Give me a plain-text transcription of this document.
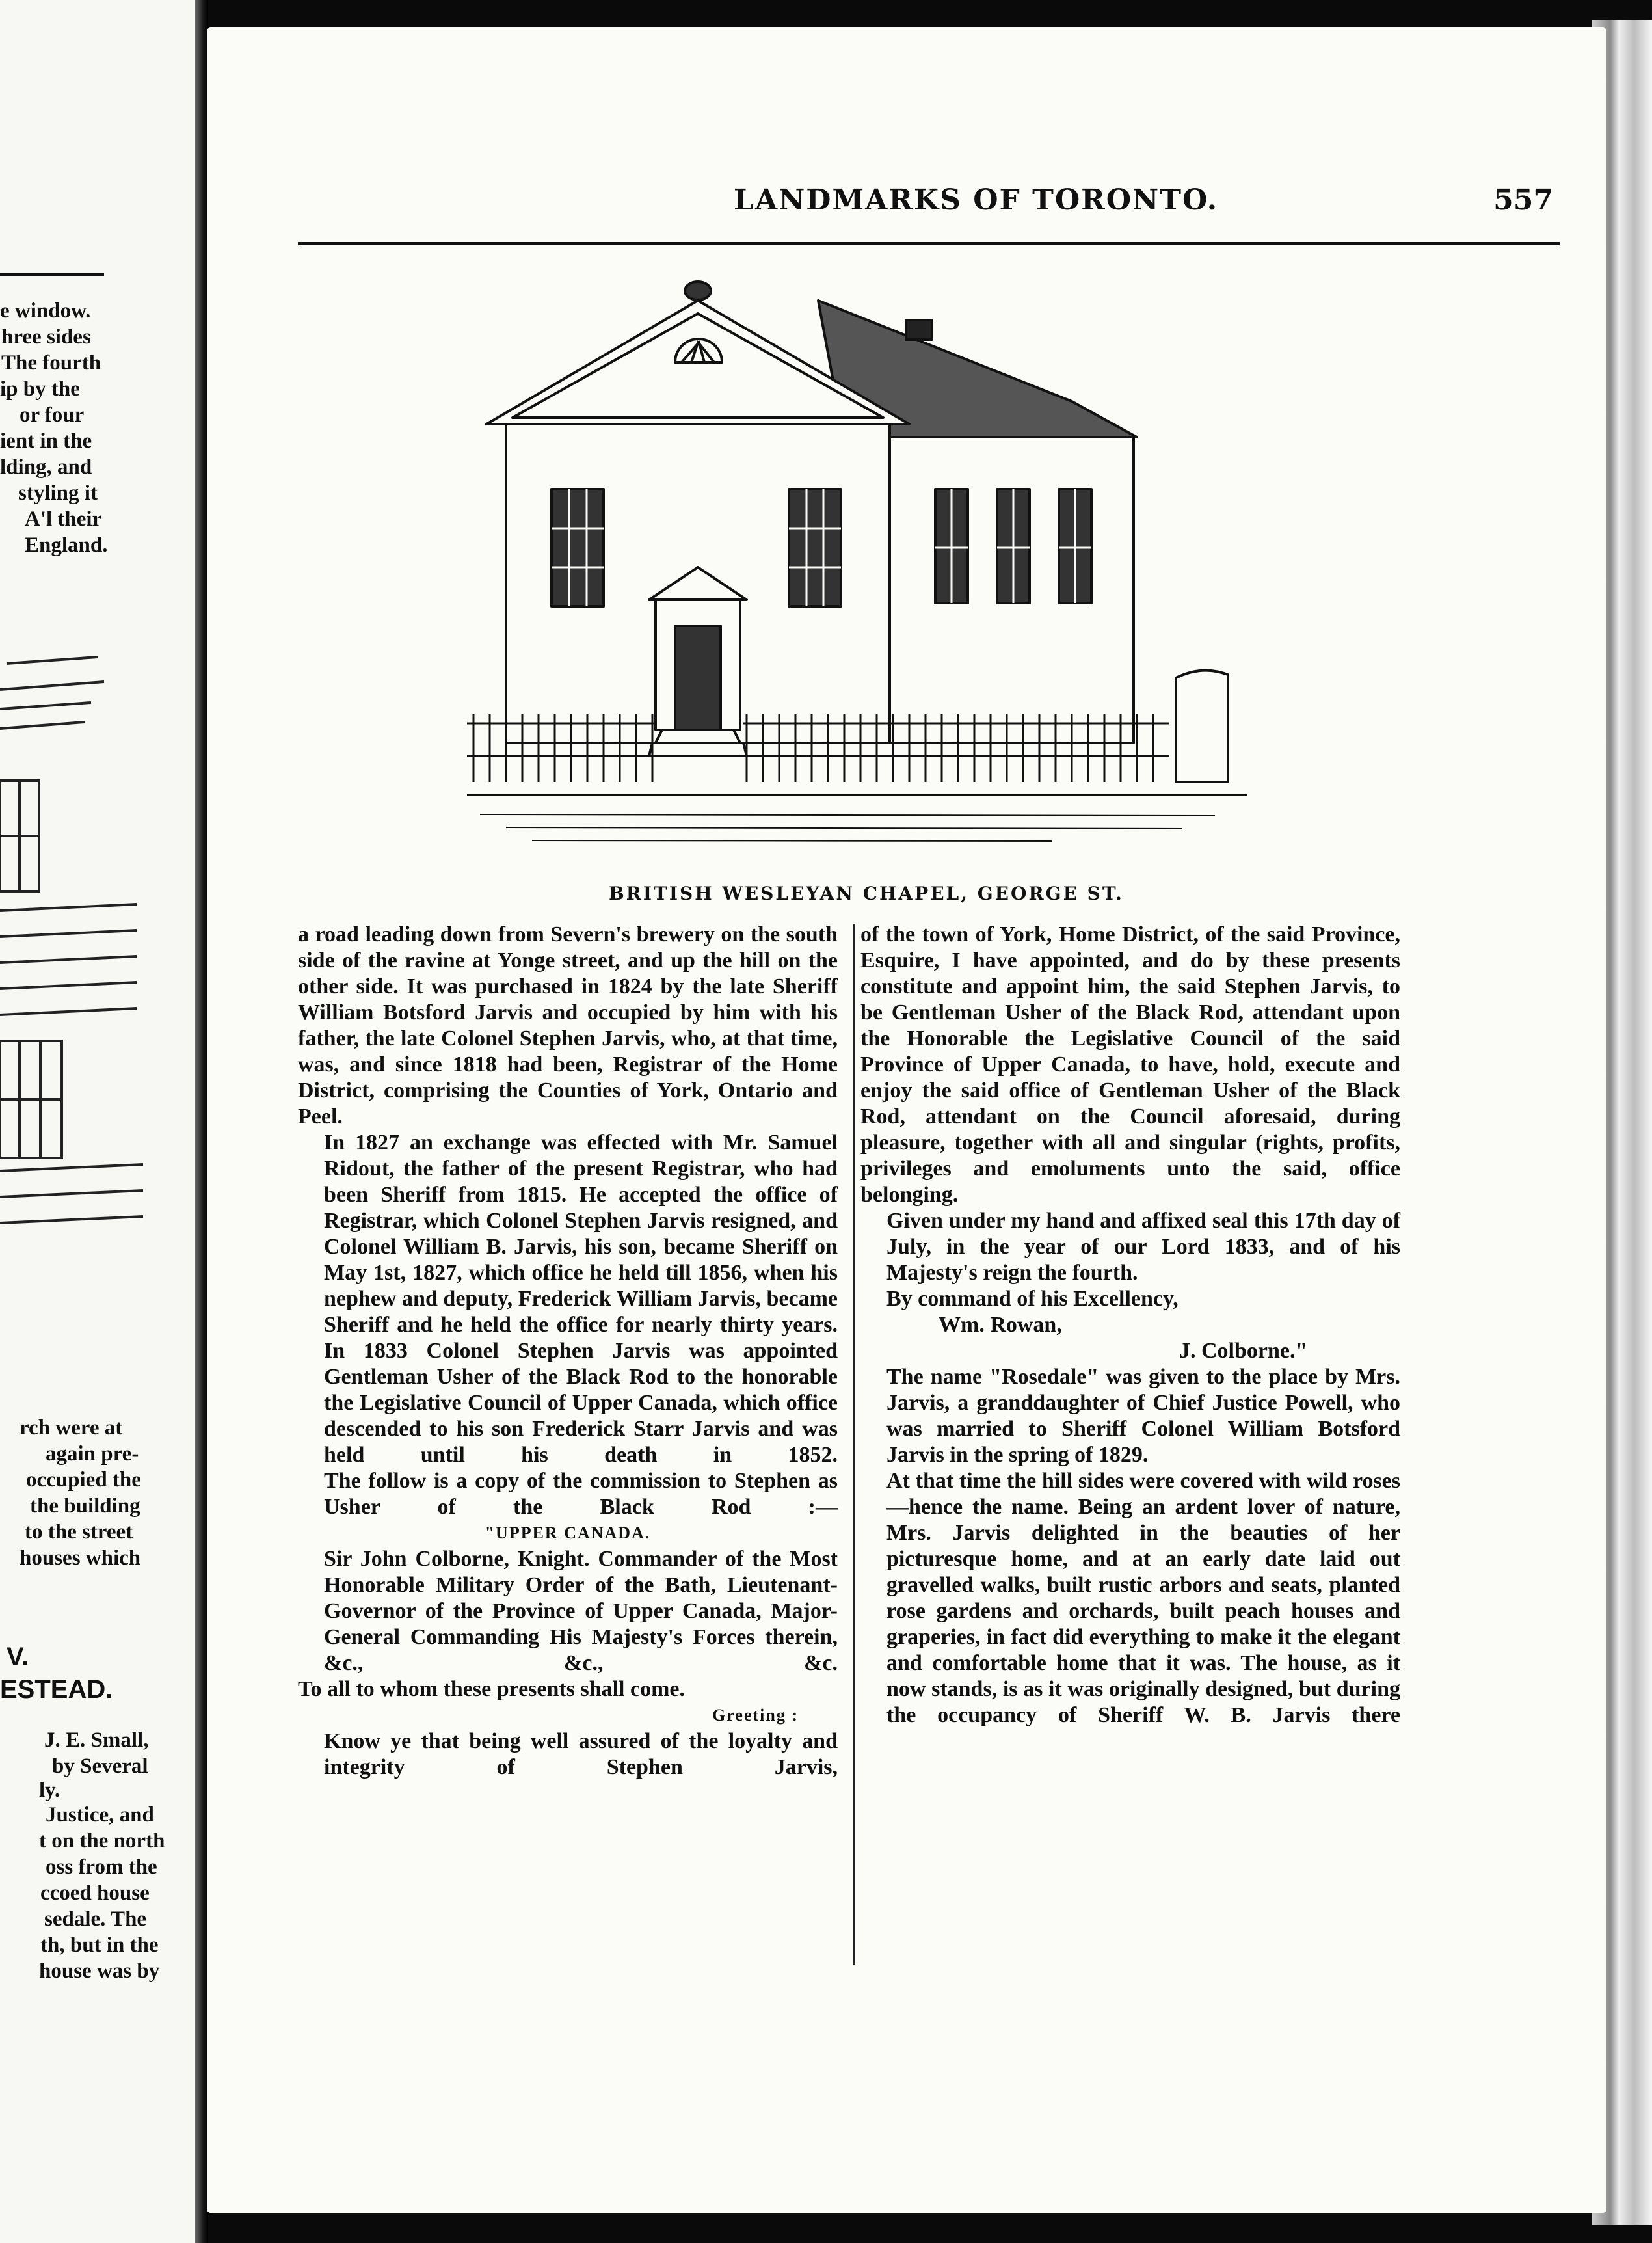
e window.
hree sides
The fourth
ip by the
or four
ient in the
lding, and
styling it
A'l their
England.
rch were at
again pre-
occupied the
the building
to the street
houses which
V.
ESTEAD.
J. E. Small,
by Several
ly.
Justice, and
t on the north
oss from the
ccoed house
sedale. The
th, but in the
house was by
LANDMARKS OF TORONTO.	557
BRITISH WESLEYAN CHAPEL, GEORGE ST.

a road leading down from Severn's brewery on the south side of the ravine at Yonge street, and up the hill on the other side. It was purchased in 1824 by the late Sheriff William Botsford Jarvis and occupied by him with his father, the late Colonel Stephen Jarvis, who, at that time, was, and since 1818 had been, Registrar of the Home District, comprising the Counties of York, Ontario and Peel.

In 1827 an exchange was effected with Mr. Samuel Ridout, the father of the present Registrar, who had been Sheriff from 1815. He accepted the office of Registrar, which Colonel Stephen Jarvis resigned, and Colonel William B. Jarvis, his son, became Sheriff on May 1st, 1827, which office he held till 1856, when his nephew and deputy, Frederick William Jarvis, became Sheriff and he held the office for nearly thirty years. In 1833 Colonel Stephen Jarvis was appointed Gentleman Usher of the Black Rod to the honorable the Legislative Council of Upper Canada, which office descended to his son Frederick Starr Jarvis and was held until his death in 1852.

The follow is a copy of the commission to Stephen as Usher of the Black Rod :—

"UPPER CANADA.

Sir John Colborne, Knight. Commander of the Most Honorable Military Order of the Bath, Lieutenant-Governor of the Province of Upper Canada, Major-General Commanding His Majesty's Forces therein, &c., &c., &c.

To all to whom these presents shall come.

Greeting :

Know ye that being well assured of the loyalty and integrity of Stephen Jarvis,

of the town of York, Home District, of the said Province, Esquire, I have appointed, and do by these presents constitute and appoint him, the said Stephen Jarvis, to be Gentleman Usher of the Black Rod, attendant upon the Honorable the Legislative Council of the said Province of Upper Canada, to have, hold, execute and enjoy the said office of Gentleman Usher of the Black Rod, attendant on the Council aforesaid, during pleasure, together with all and singular (rights, profits, privileges and emoluments unto the said, office belonging.

Given under my hand and affixed seal this 17th day of July, in the year of our Lord 1833, and of his Majesty's reign the fourth.

By command of his Excellency,

Wm. Rowan,

J. Colborne."

The name "Rosedale" was given to the place by Mrs. Jarvis, a granddaughter of Chief Justice Powell, who was married to Sheriff Colonel William Botsford Jarvis in the spring of 1829.

At that time the hill sides were covered with wild roses—hence the name. Being an ardent lover of nature, Mrs. Jarvis delighted in the beauties of her picturesque home, and at an early date laid out gravelled walks, built rustic arbors and seats, planted rose gardens and orchards, built peach houses and graperies, in fact did everything to make it the elegant and comfortable home that it was. The house, as it now stands, is as it was originally designed, but during the occupancy of Sheriff W. B. Jarvis there
